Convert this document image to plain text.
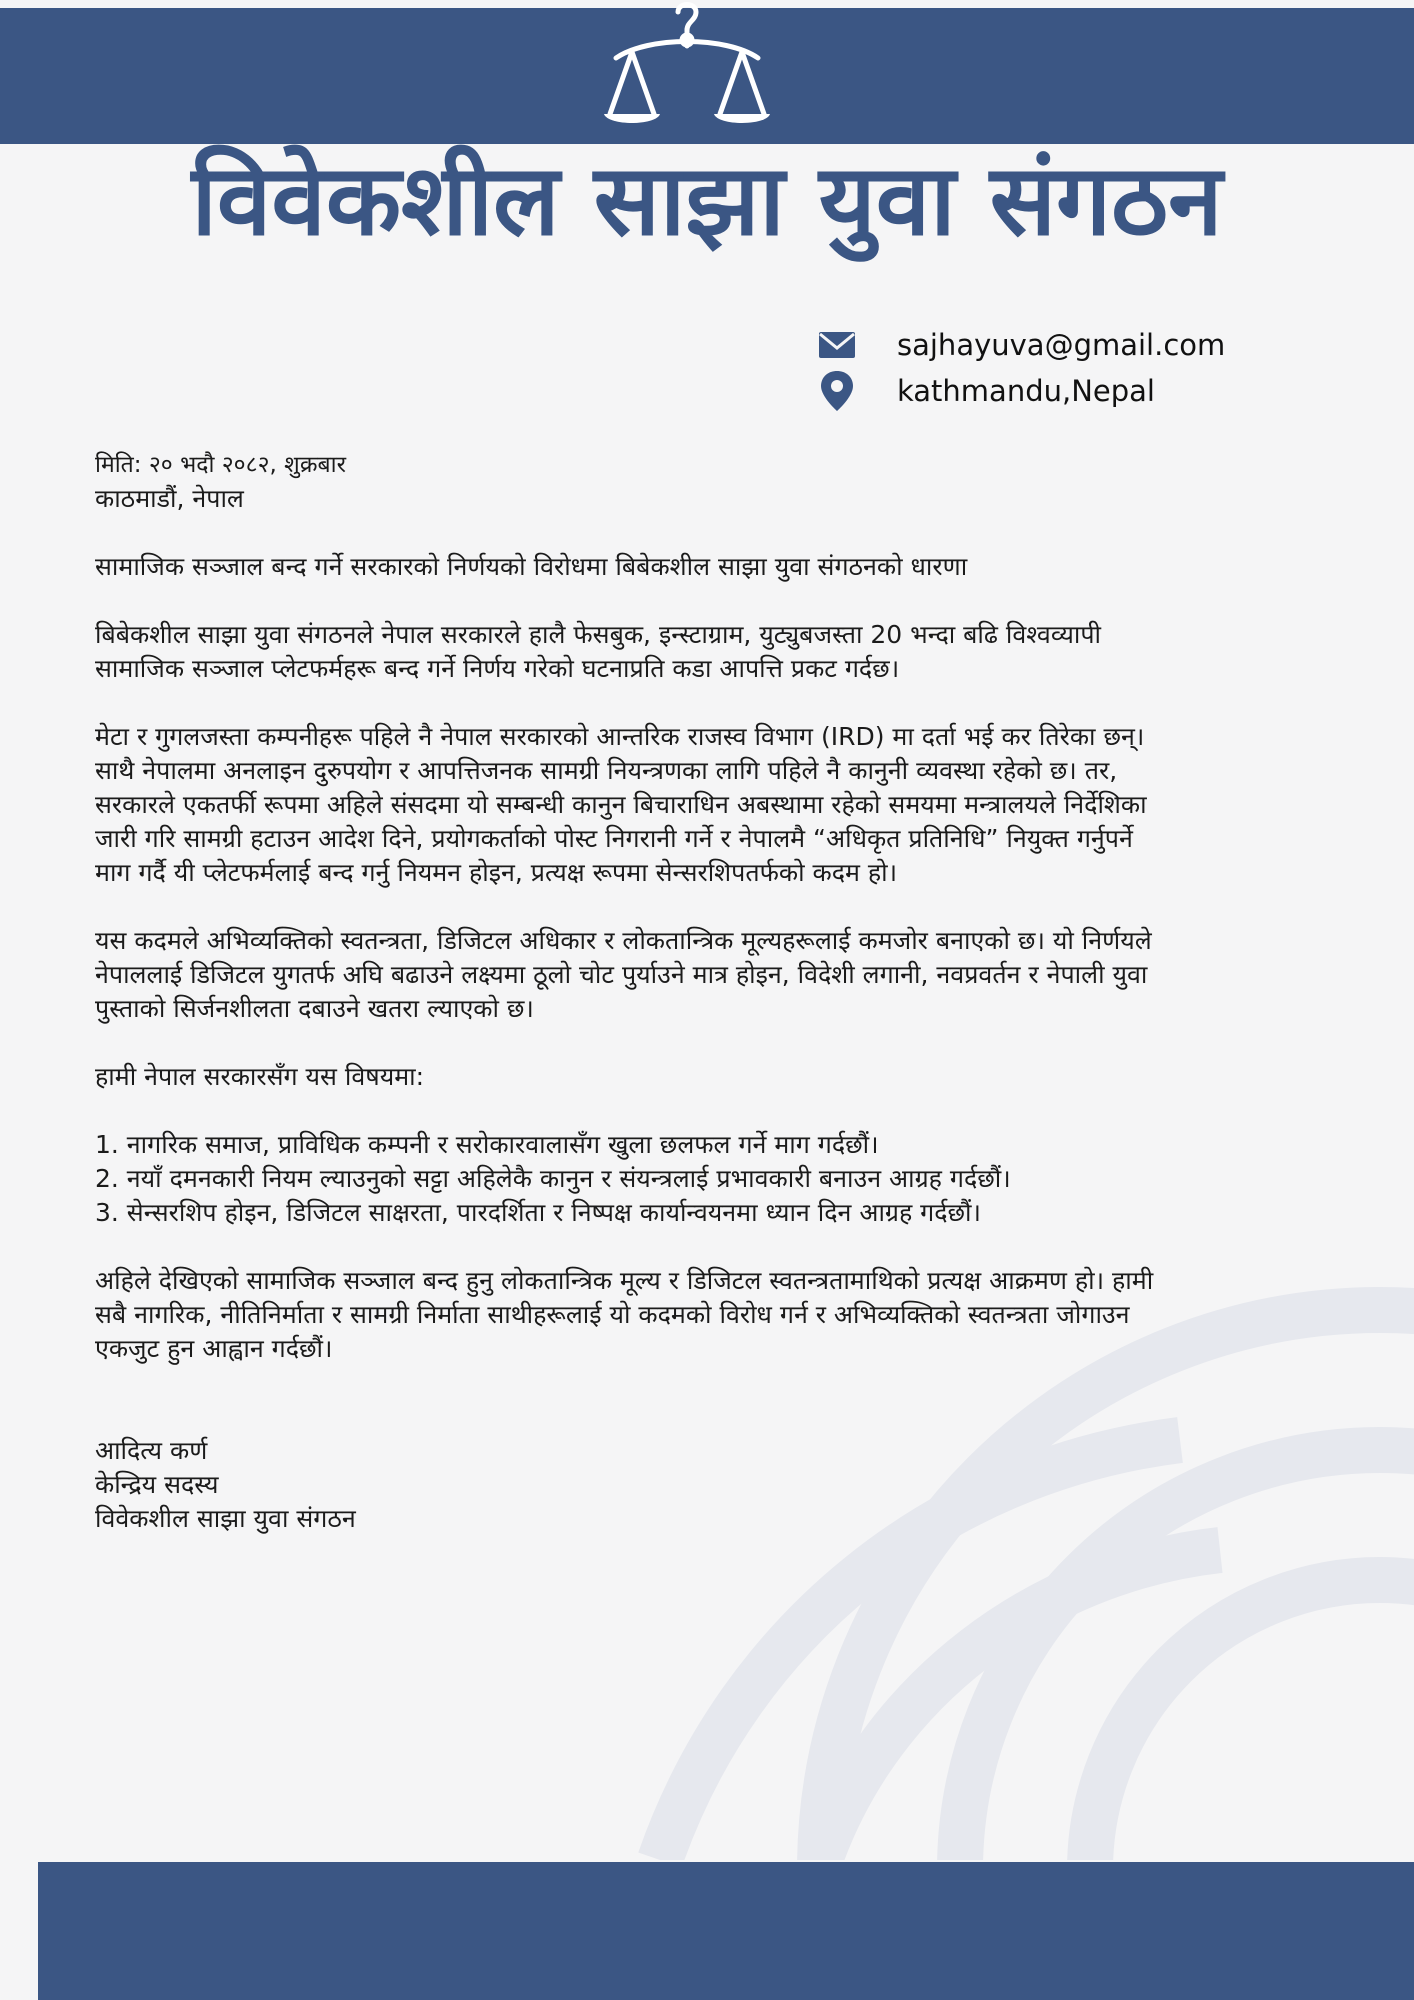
विवेकशील साझा युवा संगठन
sajhayuva@gmail.com
kathmandu,Nepal

मिति: २० भदौ २०८२, शुक्रबार

काठमाडौं, नेपाल

सामाजिक सञ्जाल बन्द गर्ने सरकारको निर्णयको विरोधमा बिबेकशील साझा युवा संगठनको धारणा

बिबेकशील साझा युवा संगठनले नेपाल सरकारले हालै फेसबुक, इन्स्टाग्राम, युट्युबजस्ता 20 भन्दा बढि विश्वव्यापी सामाजिक सञ्जाल प्लेटफर्महरू बन्द गर्ने निर्णय गरेको घटनाप्रति कडा आपत्ति प्रकट गर्दछ।

मेटा र गुगलजस्ता कम्पनीहरू पहिले नै नेपाल सरकारको आन्तरिक राजस्व विभाग (IRD) मा दर्ता भई कर तिरेका छन्। साथै नेपालमा अनलाइन दुरुपयोग र आपत्तिजनक सामग्री नियन्त्रणका लागि पहिले नै कानुनी व्यवस्था रहेको छ। तर, सरकारले एकतर्फी रूपमा अहिले संसदमा यो सम्बन्धी कानुन बिचाराधिन अबस्थामा रहेको समयमा मन्त्रालयले निर्देशिका जारी गरि सामग्री हटाउन आदेश दिने, प्रयोगकर्ताको पोस्ट निगरानी गर्ने र नेपालमै “अधिकृत प्रतिनिधि” नियुक्त गर्नुपर्ने माग गर्दै यी प्लेटफर्मलाई बन्द गर्नु नियमन होइन, प्रत्यक्ष रूपमा सेन्सरशिपतर्फको कदम हो।

यस कदमले अभिव्यक्तिको स्वतन्त्रता, डिजिटल अधिकार र लोकतान्त्रिक मूल्यहरूलाई कमजोर बनाएको छ। यो निर्णयले नेपाललाई डिजिटल युगतर्फ अघि बढाउने लक्ष्यमा ठूलो चोट पुर्याउने मात्र होइन, विदेशी लगानी, नवप्रवर्तन र नेपाली युवा पुस्ताको सिर्जनशीलता दबाउने खतरा ल्याएको छ।

हामी नेपाल सरकारसँग यस विषयमा:

1. नागरिक समाज, प्राविधिक कम्पनी र सरोकारवालासँग खुला छलफल गर्ने माग गर्दछौं।

2. नयाँ दमनकारी नियम ल्याउनुको सट्टा अहिलेकै कानुन र संयन्त्रलाई प्रभावकारी बनाउन आग्रह गर्दछौं।

3. सेन्सरशिप होइन, डिजिटल साक्षरता, पारदर्शिता र निष्पक्ष कार्यान्वयनमा ध्यान दिन आग्रह गर्दछौं।

अहिले देखिएको सामाजिक सञ्जाल बन्द हुनु लोकतान्त्रिक मूल्य र डिजिटल स्वतन्त्रतामाथिको प्रत्यक्ष आक्रमण हो। हामी सबै नागरिक, नीतिनिर्माता र सामग्री निर्माता साथीहरूलाई यो कदमको विरोध गर्न र अभिव्यक्तिको स्वतन्त्रता जोगाउन एकजुट हुन आह्वान गर्दछौं।

आदित्य कर्ण

केन्द्रिय सदस्य

विवेकशील साझा युवा संगठन
